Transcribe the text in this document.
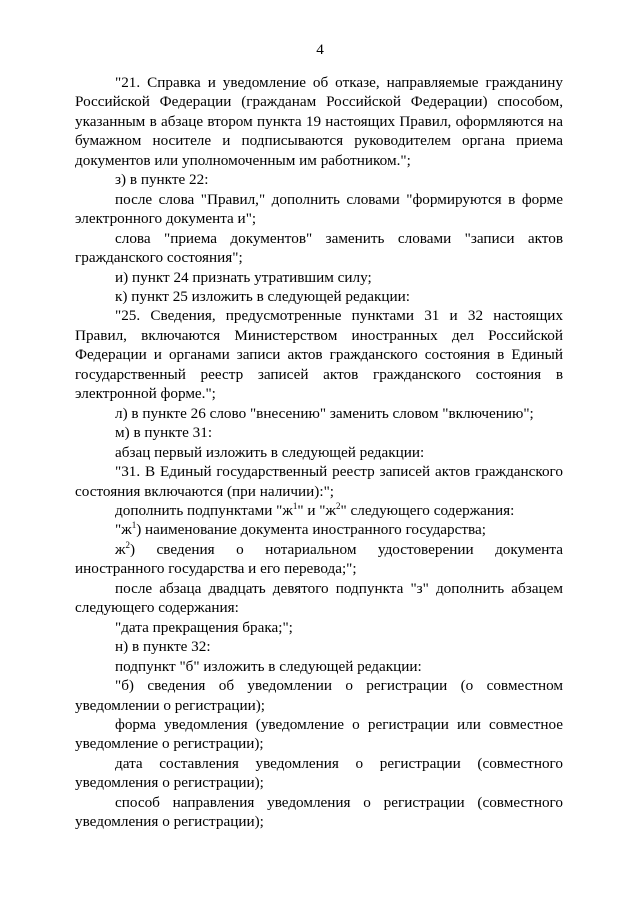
4

"21. Справка и уведомление об отказе, направляемые гражданину Российской Федерации (гражданам Российской Федерации) способом, указанным в абзаце втором пункта 19 настоящих Правил, оформляются на бумажном носителе и подписываются руководителем органа приема документов или уполномоченным им работником.";

з) в пункте 22:

после слова "Правил," дополнить словами "формируются в форме электронного документа и";

слова "приема документов" заменить словами "записи актов гражданского состояния";

и) пункт 24 признать утратившим силу;

к) пункт 25 изложить в следующей редакции:

"25. Сведения, предусмотренные пунктами 31 и 32 настоящих Правил, включаются Министерством иностранных дел Российской Федерации и органами записи актов гражданского состояния в Единый государственный реестр записей актов гражданского состояния в электронной форме.";

л) в пункте 26 слово "внесению" заменить словом "включению";

м) в пункте 31:

абзац первый изложить в следующей редакции:

"31. В Единый государственный реестр записей актов гражданского состояния включаются (при наличии):";

дополнить подпунктами "$ж^1$" и "$ж^2$" следующего содержания:

"$ж^1$) наименование документа иностранного государства;

$ж^2$) сведения о нотариальном удостоверении документа иностранного государства и его перевода;";

после абзаца двадцать девятого подпункта "з" дополнить абзацем следующего содержания:

"дата прекращения брака;";

н) в пункте 32:

подпункт "б" изложить в следующей редакции:

"б) сведения об уведомлении о регистрации (о совместном уведомлении о регистрации);

форма уведомления (уведомление о регистрации или совместное уведомление о регистрации);

дата составления уведомления о регистрации (совместного уведомления о регистрации);

способ направления уведомления о регистрации (совместного уведомления о регистрации);
